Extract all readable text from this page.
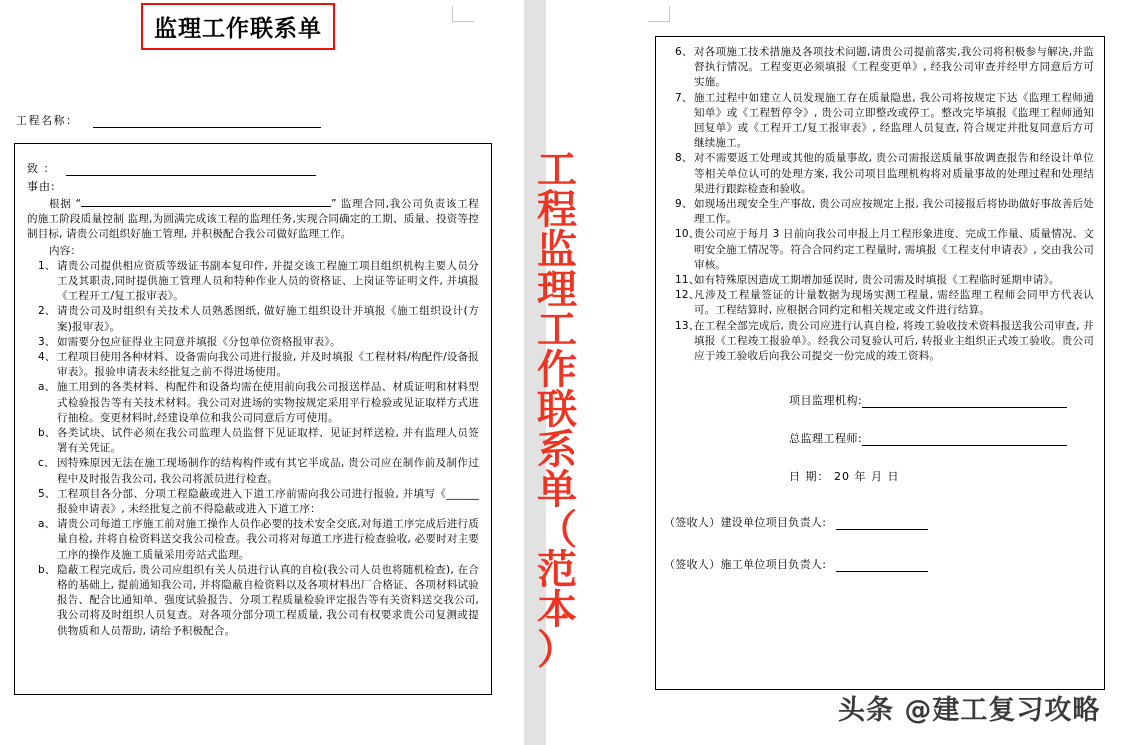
监理工作联系单
工程名称：
致 ：
事由:

根据 “	” 监理合同,我公司负责该工程的施工阶段质量控制 监理,为圆满完成该工程的监理任务,实现合同确定的工期、质量、投资等控制目标, 请贵公司组织好施工管理, 并积极配合我公司做好监理工作。

内容：

1、 请贵公司提供相应资质等级证书副本复印件, 并提交该工程施工项目组织机构主要人员分工及其职责,同时提供施工管理人员和特种作业人员的资格证、上岗证等证明文件, 并填报《工程开工/复工报审表》。
2、 请贵公司及时组织有关技术人员熟悉图纸, 做好施工组织设计并填报《施工组织设计(方案)报审表》。
3、 如需要分包应征得业主同意并填报《分包单位资格报审表》。
4、 工程项目使用各种材料、设备需向我公司进行报验, 并及时填报《工程材料/构配件/设备报审表》。报验申请表未经批复之前不得进场使用。
a、 施工用到的各类材料、构配件和设备均需在使用前向我公司报送样品、材质证明和材料型式检验报告等有关技术材料。我公司对进场的实物按规定采用平行检验或见证取样方式进行抽检。变更材料时,经建设单位和我公司同意后方可使用。
b、 各类试块、试件必须在我公司监理人员监督下见证取样、见证封样送检, 并有监理人员签署有关凭证。
c、 因特殊原因无法在施工现场制作的结构构件或有其它半成品, 贵公司应在制作前及制作过程中及时报告我公司, 我公司将派员进行检查。
5、 工程项目各分部、分项工程隐蔽或进入下道工序前需向我公司进行报验, 并填写《______报验申请表》, 未经批复之前不得隐蔽或进入下道工序：
a、 请贵公司每道工序施工前对施工操作人员作必要的技术安全交底,对每道工序完成后进行质量自检, 并将自检资料送交我公司检查。我公司将对每道工序进行检查验收, 必要时对主要工序的操作及施工质量采用旁站式监理。
b、 隐蔽工程完成后, 贵公司应组织有关人员进行认真的自检(我公司人员也将随机检查), 在合格的基础上, 提前通知我公司, 并将隐蔽自检资料以及各项材料出厂合格证、各项材料试验报告、配合比通知单、强度试验报告、分项工程质量检验评定报告等有关资料送交我公司, 我公司将及时组织人员复查。对各项分部分项工程质量, 我公司有权要求贵公司复测或提供物质和人员帮助, 请给予积极配合。
工
程
监
理
工
作
联
系
单
（
范
本
）
6、 对各项施工技术措施及各项技术问题,请贵公司提前落实,我公司将积极参与解决,并监督执行情况。工程变更必须填报《工程变更单》, 经我公司审查并经甲方同意后方可实施。
7、 施工过程中如建立人员发现施工存在质量隐患, 我公司将按规定下达《监理工程师通知单》或《工程暂停令》, 贵公司立即整改或停工。整改完毕填报《监理工程师通知回复单》或《工程开工/复工报审表》, 经监理人员复查, 符合规定并批复同意后方可继续施工。
8、 对不需要返工处理或其他的质量事故, 贵公司需报送质量事故调查报告和经设计单位等相关单位认可的处理方案, 我公司项目监理机构将对质量事故的处理过程和处理结果进行跟踪检查和验收。
9、 如现场出现安全生产事故, 贵公司应按规定上报, 我公司接报后将协助做好事故善后处理工作。
10、
贵公司应于每月 3 日前向我公司申报上月工程形象进度、完成工作量、质量情况、文明安全施工情况等。符合合同约定工程量时, 需填报《工程支付申请表》, 交由我公司审核。
11、
如有特殊原因造成工期增加延误时, 贵公司需及时填报《工程临时延期申请》。
12、
凡涉及工程量签证的计量数据为现场实测工程量, 需经监理工程师会同甲方代表认可。工程结算时, 应根据合同约定和相关规定或文件进行结算。
13、
在工程全部完成后, 贵公司应进行认真自检, 将竣工验收技术资料报送我公司审查, 并填报《工程竣工报验单》。经我公司复验认可后, 转报业主组织正式竣工验收。贵公司应于竣工验收后向我公司提交一份完成的竣工资料。
项目监理机构:
总监理工程师:
日 期： 20 年 月 日
（签收人）建设单位项目负责人:
（签收人）施工单位项目负责人:
头条 @建工复习攻略
